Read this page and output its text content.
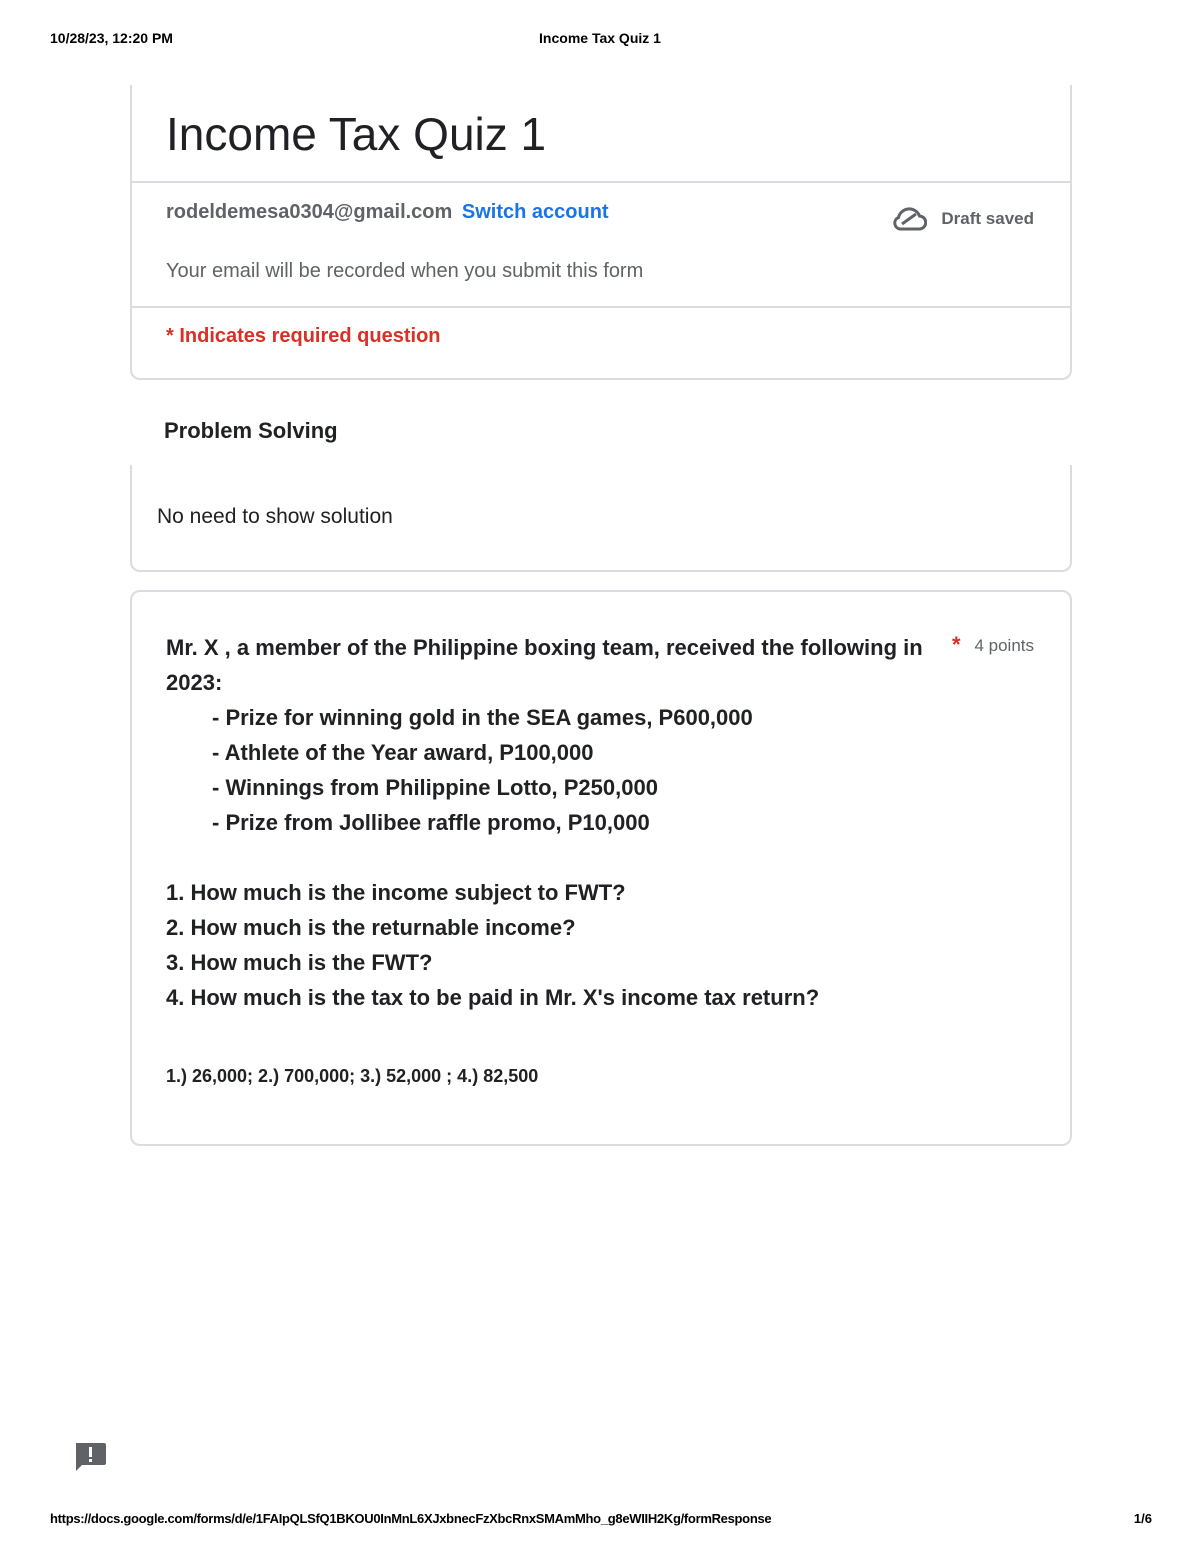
10/28/23, 12:20 PM	Income Tax Quiz 1
Income Tax Quiz 1
rodeldemesa0304@gmail.com Switch account	Draft saved
Your email will be recorded when you submit this form
* Indicates required question
Problem Solving
No need to show solution
Mr. X , a member of the Philippine boxing team, received the following in 2023:
* 4 points
- Prize for winning gold in the SEA games, P600,000
- Athlete of the Year award, P100,000
- Winnings from Philippine Lotto, P250,000
- Prize from Jollibee raffle promo, P10,000
1. How much is the income subject to FWT?
2. How much is the returnable income?
3. How much is the FWT?
4. How much is the tax to be paid in Mr. X's income tax return?
1.) 26,000; 2.) 700,000; 3.) 52,000 ; 4.) 82,500
https://docs.google.com/forms/d/e/1FAIpQLSfQ1BKOU0InMnL6XJxbnecFzXbcRnxSMAmMho_g8eWIIH2Kg/formResponse	1/6
